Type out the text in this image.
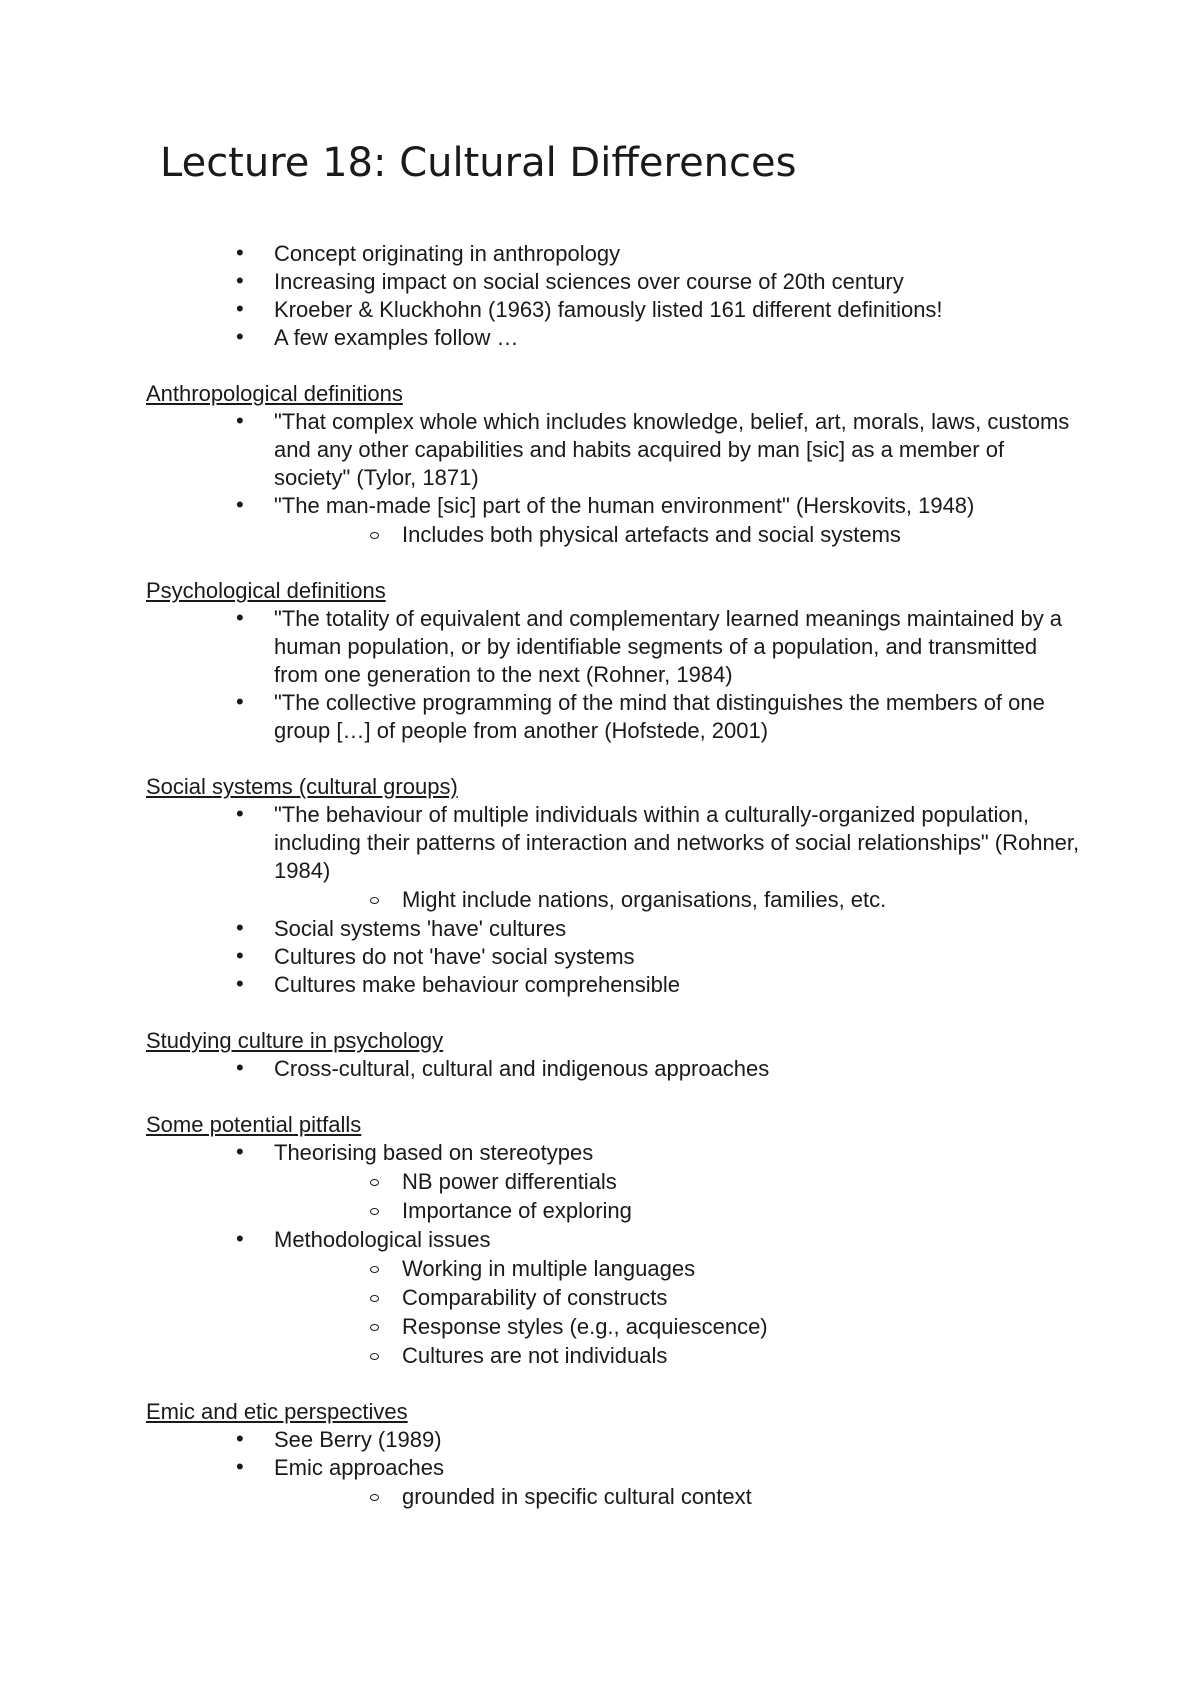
Lecture 18: Cultural Differences
• Concept originating in anthropology
• Increasing impact on social sciences over course of 20th century
• Kroeber & Kluckhohn (1963) famously listed 161 different definitions!
• A few examples follow …
Anthropological definitions
• "That complex whole which includes knowledge, belief, art, morals, laws, customs and any other capabilities and habits acquired by man [sic] as a member of society" (Tylor, 1871)
• "The man-made [sic] part of the human environment" (Herskovits, 1948)
Includes both physical artefacts and social systems
Psychological definitions
• "The totality of equivalent and complementary learned meanings maintained by a human population, or by identifiable segments of a population, and transmitted from one generation to the next (Rohner, 1984)
• "The collective programming of the mind that distinguishes the members of one group […] of people from another (Hofstede, 2001)
Social systems (cultural groups)
• "The behaviour of multiple individuals within a culturally-organized population, including their patterns of interaction and networks of social relationships" (Rohner, 1984)
Might include nations, organisations, families, etc.
• Social systems 'have' cultures
• Cultures do not 'have' social systems
• Cultures make behaviour comprehensible
Studying culture in psychology
• Cross-cultural, cultural and indigenous approaches
Some potential pitfalls
• Theorising based on stereotypes
NB power differentials
Importance of exploring
• Methodological issues
Working in multiple languages
Comparability of constructs
Response styles (e.g., acquiescence)
Cultures are not individuals
Emic and etic perspectives
• See Berry (1989)
• Emic approaches
grounded in specific cultural context
